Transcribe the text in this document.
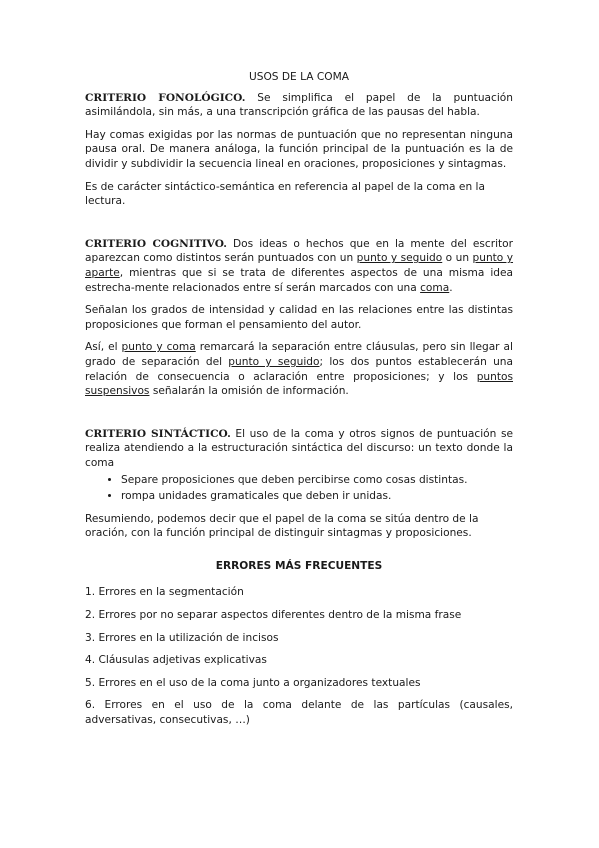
USOS DE LA COMA

CRITERIO FONOLÓGICO. Se simplifica el papel de la puntuación asimilándola, sin más, a una transcripción gráfica de las pausas del habla.

Hay comas exigidas por las normas de puntuación que no representan ninguna pausa oral. De manera análoga, la función principal de la puntuación es la de dividir y subdividir la secuencia lineal en oraciones, proposiciones y sintagmas.

Es de carácter sintáctico-semántica en referencia al papel de la coma en la lectura.

CRITERIO COGNITIVO. Dos ideas o hechos que en la mente del escritor aparezcan como distintos serán puntuados con un punto y seguido o un punto y aparte, mientras que si se trata de diferentes aspectos de una misma idea estrecha-mente relacionados entre sí serán marcados con una coma.

Señalan los grados de intensidad y calidad en las relaciones entre las distintas proposiciones que forman el pensamiento del autor.

Así, el punto y coma remarcará la separación entre cláusulas, pero sin llegar al grado de separación del punto y seguido; los dos puntos establecerán una relación de consecuencia o aclaración entre proposiciones; y los puntos suspensivos señalarán la omisión de información.

CRITERIO SINTÁCTICO. El uso de la coma y otros signos de puntuación se realiza atendiendo a la estructuración sintáctica del discurso: un texto donde la coma

• Separe proposiciones que deben percibirse como cosas distintas.
• rompa unidades gramaticales que deben ir unidas.

Resumiendo, podemos decir que el papel de la coma se sitúa dentro de la oración, con la función principal de distinguir sintagmas y proposiciones.

ERRORES MÁS FRECUENTES
1. Errores en la segmentación
2. Errores por no separar aspectos diferentes dentro de la misma frase
3. Errores en la utilización de incisos
4. Cláusulas adjetivas explicativas
5. Errores en el uso de la coma junto a organizadores textuales
6. Errores en el uso de la coma delante de las partículas (causales, adversativas, consecutivas, …)
